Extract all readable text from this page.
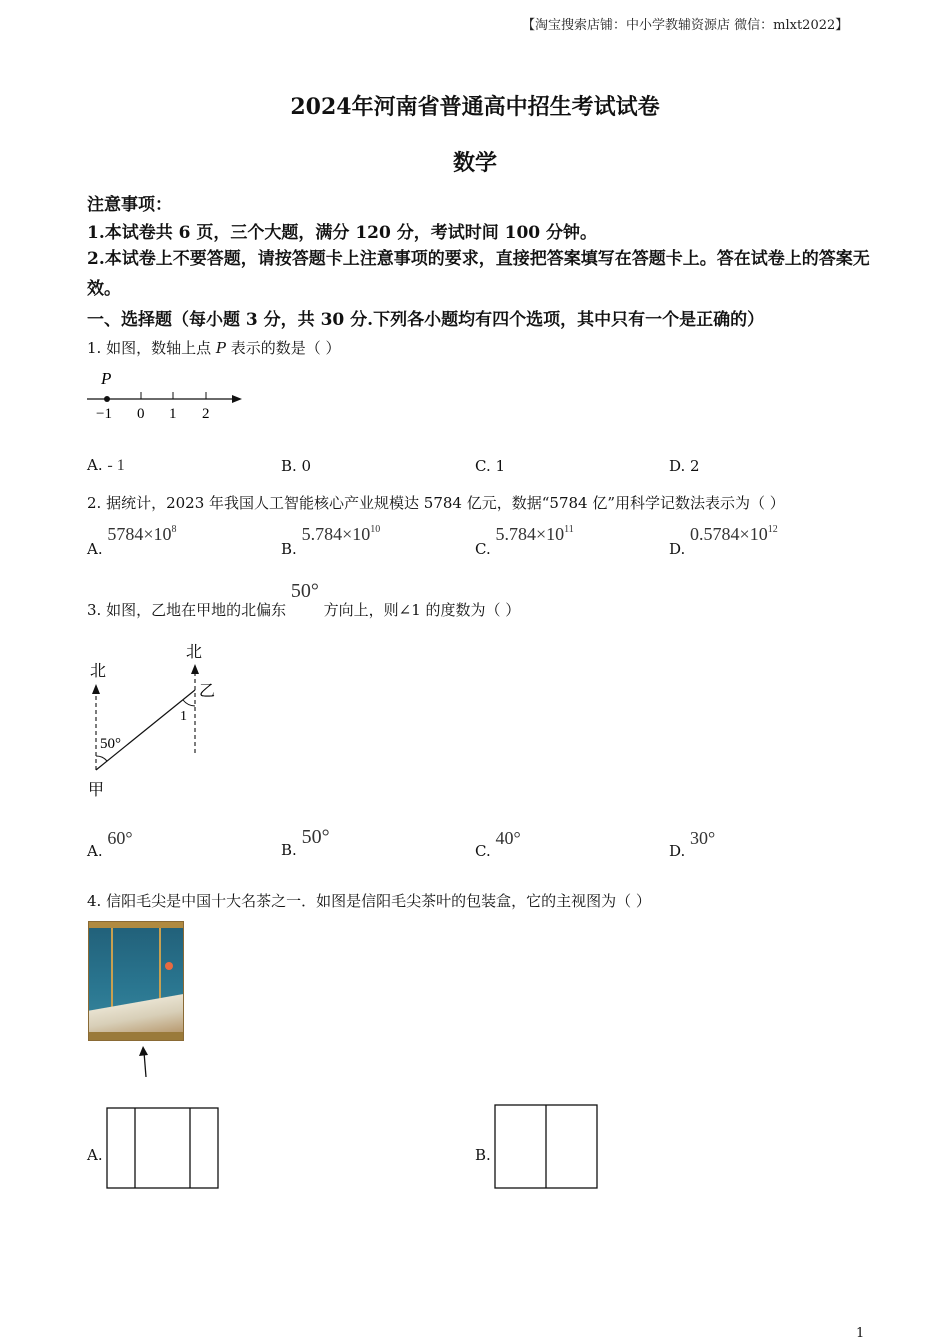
【淘宝搜索店铺：中小学教辅资源店 微信：mlxt2022】
2024年河南省普通高中招生考试试卷
数学
注意事项：
1.本试卷共 6 页，三个大题，满分 120 分，考试时间 100 分钟。
2.本试卷上不要答题，请按答题卡上注意事项的要求，直接把答案填写在答题卡上。答在试卷上的答案无效。
一、选择题（每小题 3 分，共 30 分.下列各小题均有四个选项，其中只有一个是正确的）
1. 如图，数轴上点 P 表示的数是（ ）
P
−1 0 1 2
A. - 1	B. 0	C. 1	D. 2
2. 据统计，2023 年我国人工智能核心产业规模达 5784 亿元，数据“5784 亿”用科学记数法表示为（ ）
A. $5784\times 10^8$
B. $5.784\times 10^{10}$
C. $5.784\times 10^{11}$
D. $0.5784\times 10^{12}$
3. 如图，乙地在甲地的北偏东 50° 方向上，则∠1 的度数为（ ）
北
北
50°
1
乙
甲
A. 60°
B. 50°
C. 40°
D. 30°
4. 信阳毛尖是中国十大名茶之一．如图是信阳毛尖茶叶的包装盒，它的主视图为（ ）
A.	B.
1
